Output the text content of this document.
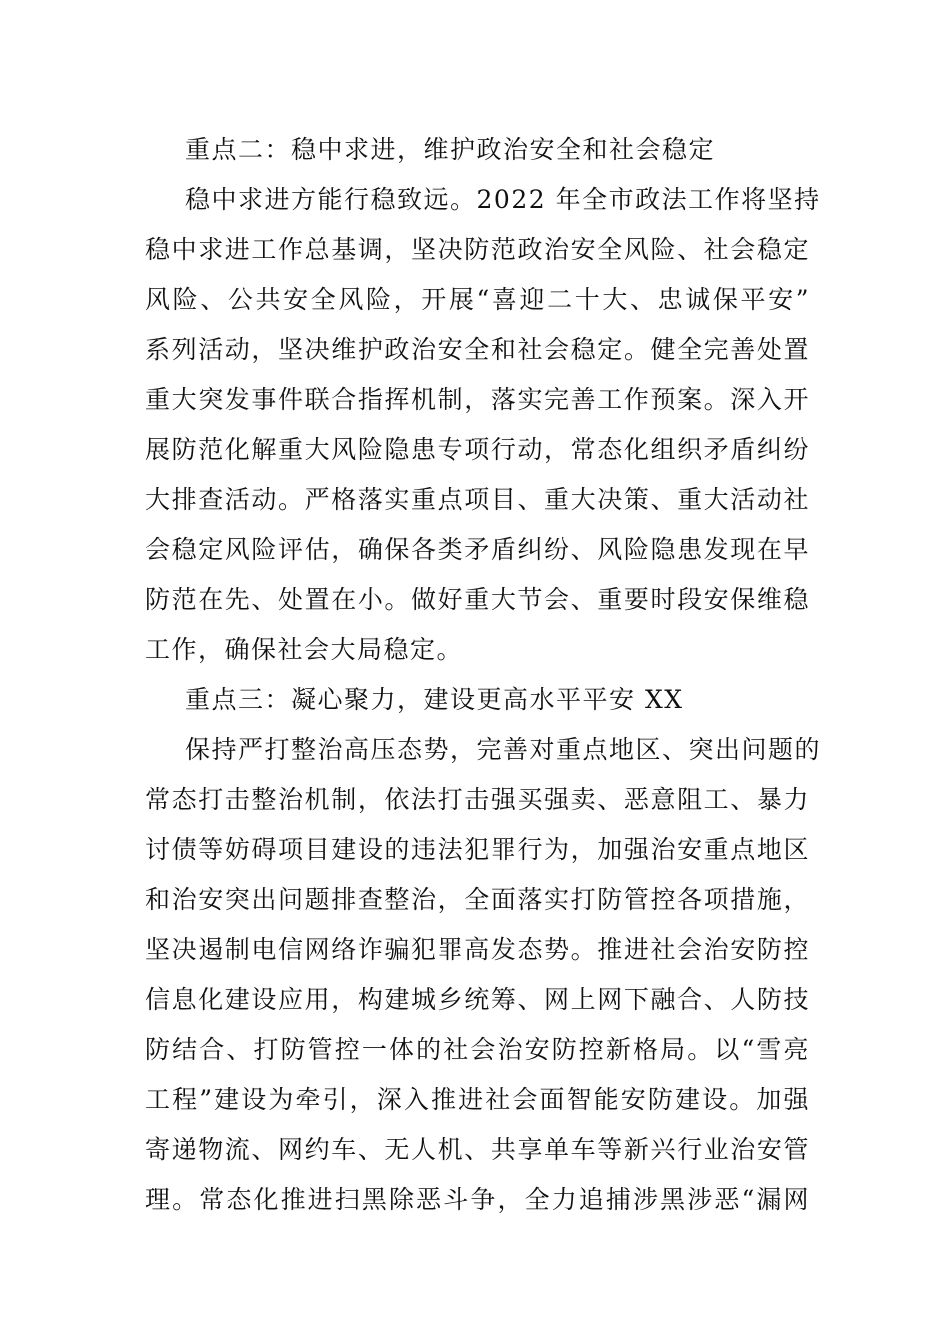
重点二：稳中求进，维护政治安全和社会稳定
稳中求进方能行稳致远。2022 年全市政法工作将坚持
稳中求进工作总基调，坚决防范政治安全风险、社会稳定
风险、公共安全风险，开展“喜迎二十大、忠诚保平安”
系列活动，坚决维护政治安全和社会稳定。健全完善处置
重大突发事件联合指挥机制，落实完善工作预案。深入开
展防范化解重大风险隐患专项行动，常态化组织矛盾纠纷
大排查活动。严格落实重点项目、重大决策、重大活动社
会稳定风险评估，确保各类矛盾纠纷、风险隐患发现在早
防范在先、处置在小。做好重大节会、重要时段安保维稳
工作，确保社会大局稳定。
重点三：凝心聚力，建设更高水平平安 XX
保持严打整治高压态势，完善对重点地区、突出问题的
常态打击整治机制，依法打击强买强卖、恶意阻工、暴力
讨债等妨碍项目建设的违法犯罪行为，加强治安重点地区
和治安突出问题排查整治，全面落实打防管控各项措施，
坚决遏制电信网络诈骗犯罪高发态势。推进社会治安防控
信息化建设应用，构建城乡统筹、网上网下融合、人防技
防结合、打防管控一体的社会治安防控新格局。以“雪亮
工程”建设为牵引，深入推进社会面智能安防建设。加强
寄递物流、网约车、无人机、共享单车等新兴行业治安管
理。常态化推进扫黑除恶斗争，全力追捕涉黑涉恶“漏网
